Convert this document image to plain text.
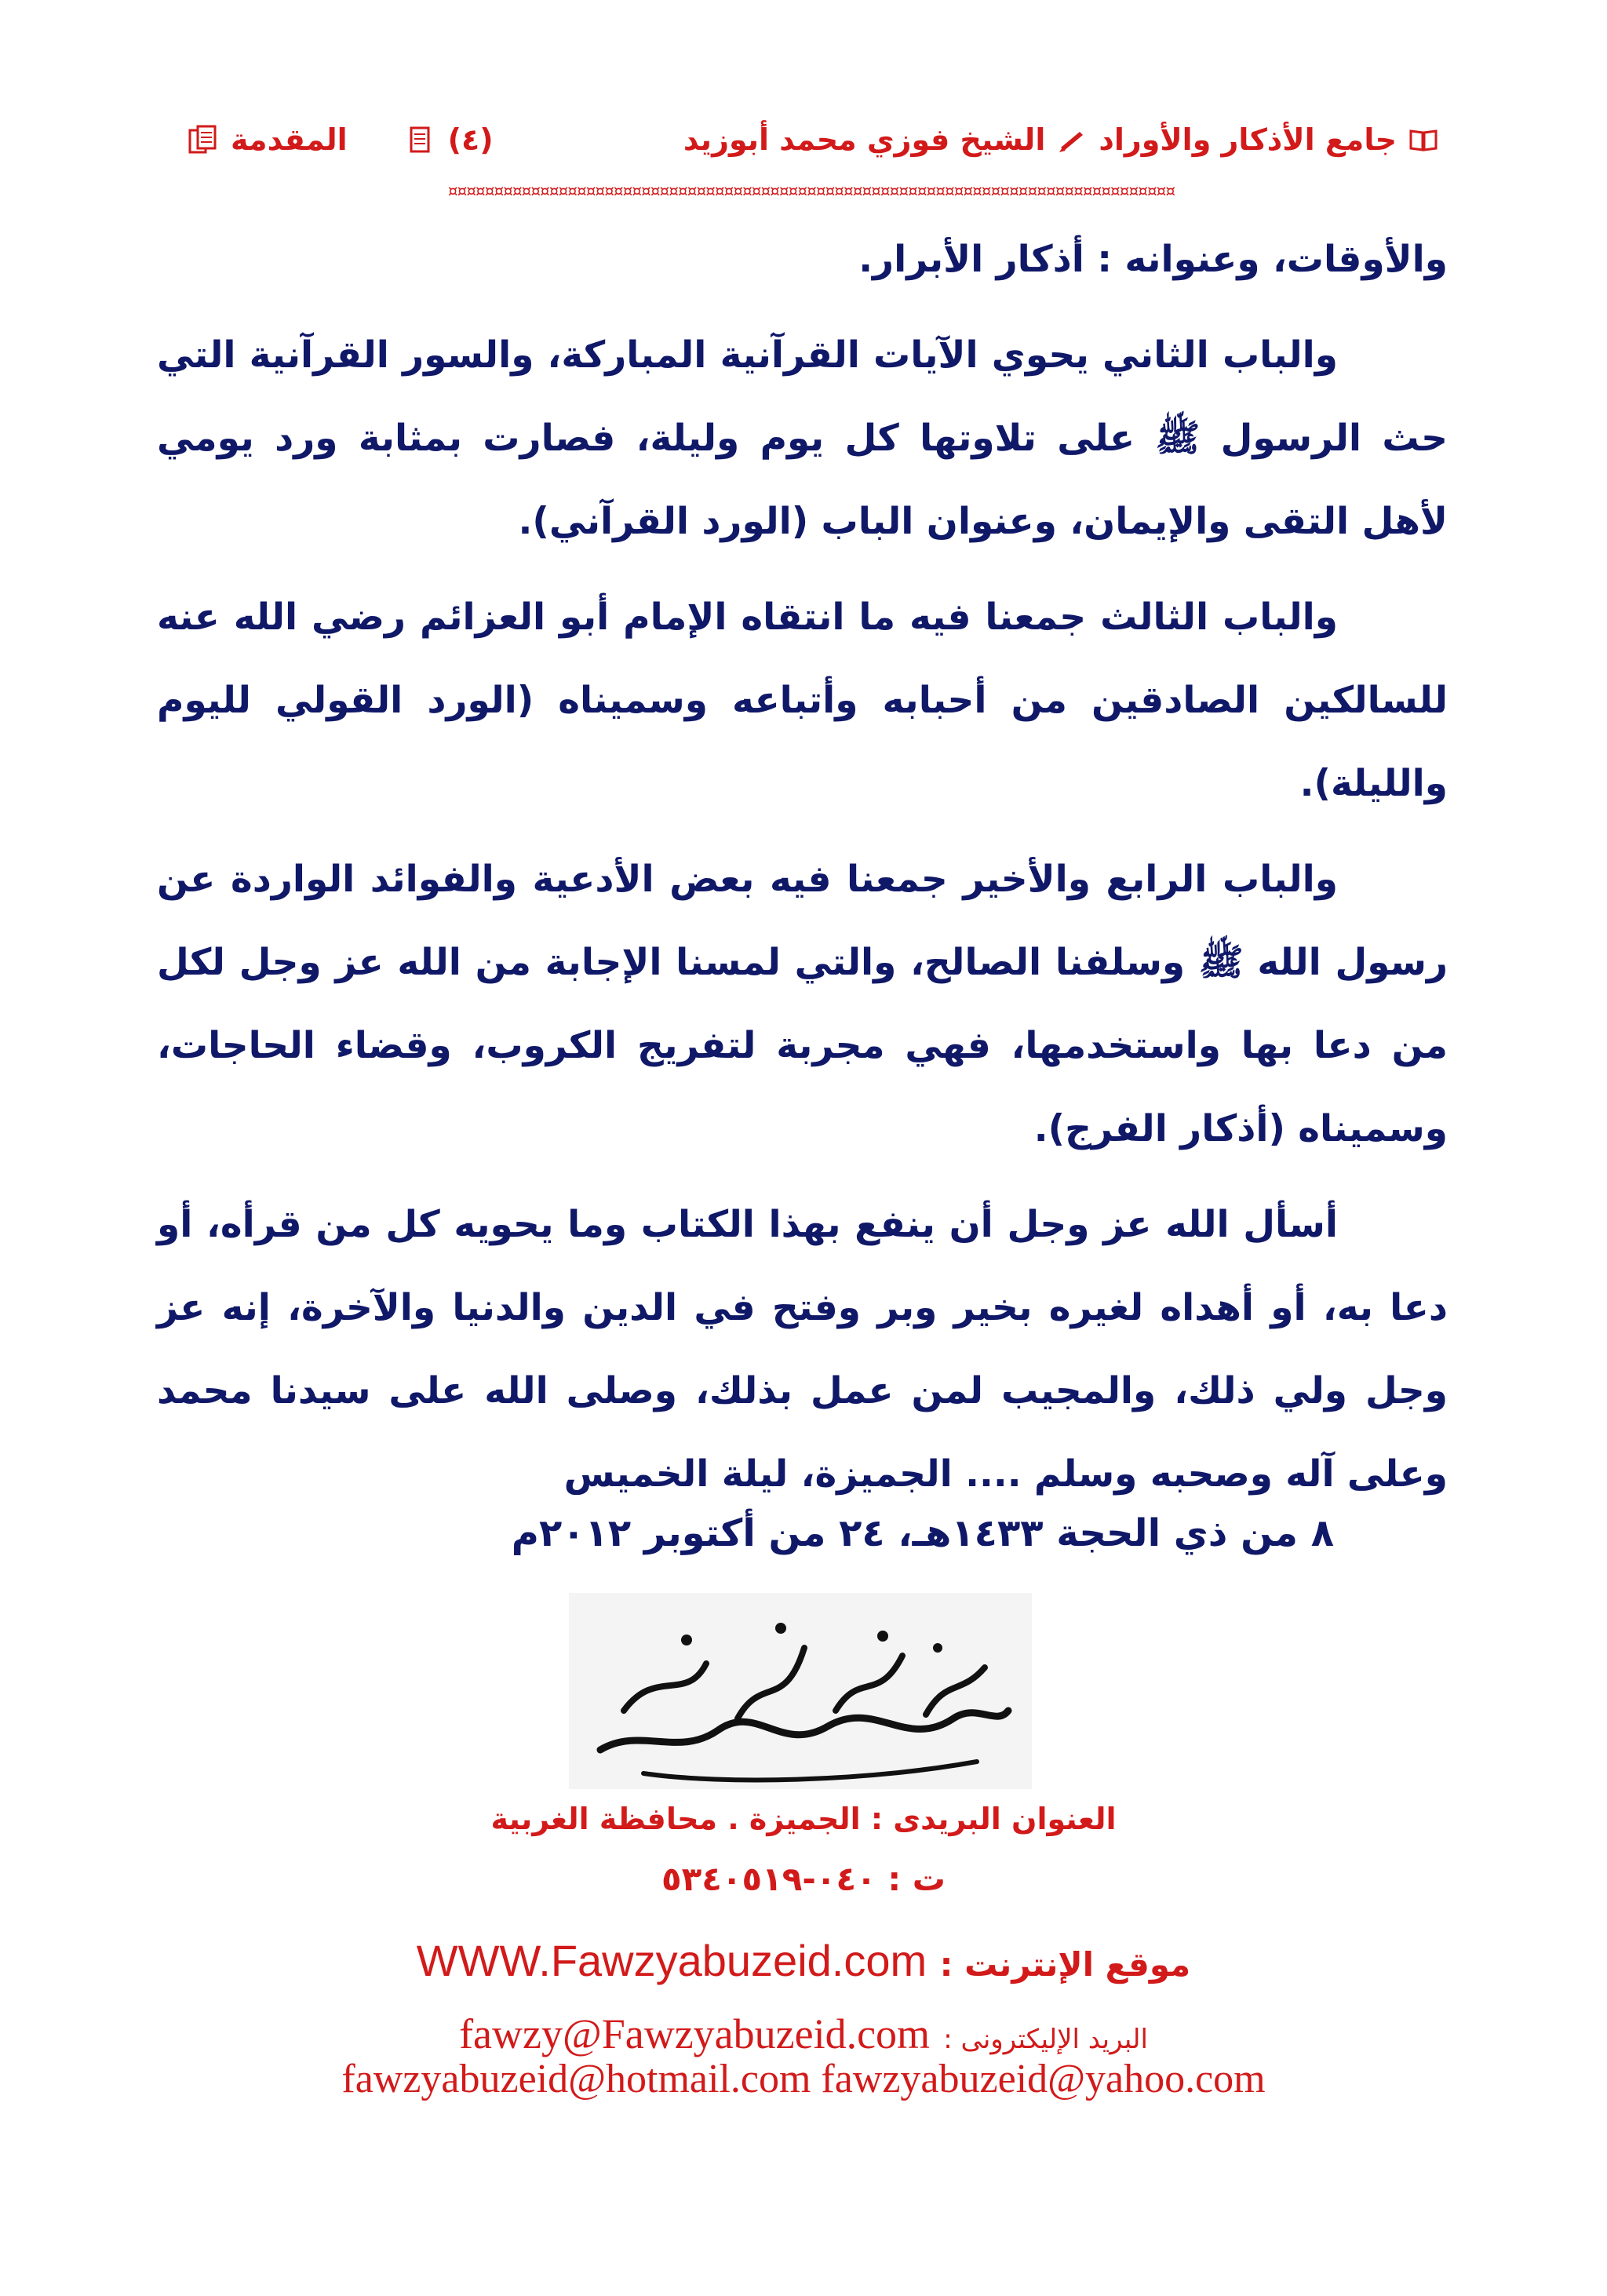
جامع الأذكار والأوراد
الشيخ فوزي محمد أبوزيد
(٤)
المقدمة
¤¤¤¤¤¤¤¤¤¤¤¤¤¤¤¤¤¤¤¤¤¤¤¤¤¤¤¤¤¤¤¤¤¤¤¤¤¤¤¤¤¤¤¤¤¤¤¤¤¤¤¤¤¤¤¤¤¤¤¤¤¤¤¤¤¤¤¤¤¤¤¤¤¤¤¤¤¤¤

والأوقات، وعنوانه : أذكار الأبرار.

والباب الثاني يحوي الآيات القرآنية المباركة، والسور القرآنية التي حث الرسول ﷺ على تلاوتها كل يوم وليلة، فصارت بمثابة ورد يومي لأهل التقى والإيمان، وعنوان الباب (الورد القرآني).

والباب الثالث جمعنا فيه ما انتقاه الإمام أبو العزائم رضي الله عنه للسالكين الصادقين من أحبابه وأتباعه وسميناه (الورد القولي لليوم والليلة).

والباب الرابع والأخير جمعنا فيه بعض الأدعية والفوائد الواردة عن رسول الله ﷺ وسلفنا الصالح، والتي لمسنا الإجابة من الله عز وجل لكل من دعا بها واستخدمها، فهي مجربة لتفريج الكروب، وقضاء الحاجات، وسميناه (أذكار الفرج).

أسأل الله عز وجل أن ينفع بهذا الكتاب وما يحويه كل من قرأه، أو دعا به، أو أهداه لغيره بخير وبر وفتح في الدين والدنيا والآخرة، إنه عز وجل ولي ذلك، والمجيب لمن عمل بذلك، وصلى الله على سيدنا محمد وعلى آله وصحبه وسلم .... الجميزة، ليلة الخميس

٨ من ذي الحجة ١٤٣٣هـ، ٢٤ من أكتوبر ٢٠١٢م
العنوان البريدى : الجميزة . محافظة الغربية
ت : ٠٤٠-٥٣٤٠٥١٩
موقع الإنترنت : WWW.Fawzyabuzeid.com
البريد الإليكترونى : fawzy@Fawzyabuzeid.com
fawzyabuzeid@hotmail.com fawzyabuzeid@yahoo.com
